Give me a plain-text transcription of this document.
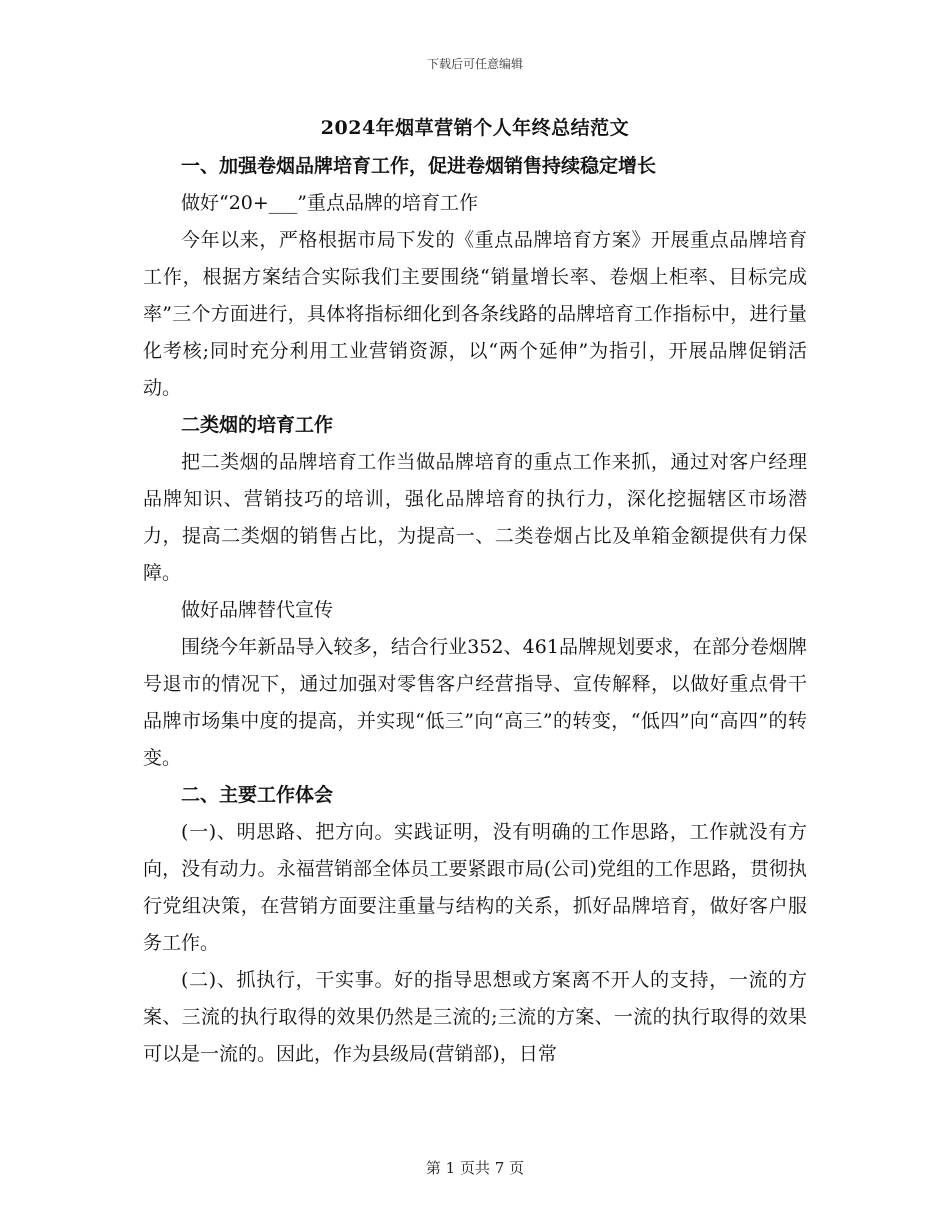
下载后可任意编辑
2024年烟草营销个人年终总结范文

一、加强卷烟品牌培育工作，促进卷烟销售持续稳定增长

做好“20+___”重点品牌的培育工作

今年以来，严格根据市局下发的《重点品牌培育方案》开展重点品牌培育工作，根据方案结合实际我们主要围绕“销量增长率、卷烟上柜率、目标完成率”三个方面进行，具体将指标细化到各条线路的品牌培育工作指标中，进行量化考核;同时充分利用工业营销资源，以“两个延伸”为指引，开展品牌促销活动。

二类烟的培育工作

把二类烟的品牌培育工作当做品牌培育的重点工作来抓，通过对客户经理品牌知识、营销技巧的培训，强化品牌培育的执行力，深化挖掘辖区市场潜力，提高二类烟的销售占比，为提高一、二类卷烟占比及单箱金额提供有力保障。

做好品牌替代宣传

围绕今年新品导入较多，结合行业352、461品牌规划要求，在部分卷烟牌号退市的情况下，通过加强对零售客户经营指导、宣传解释，以做好重点骨干品牌市场集中度的提高，并实现“低三”向“高三”的转变，“低四”向“高四”的转变。

二、主要工作体会

(一)、明思路、把方向。实践证明，没有明确的工作思路，工作就没有方向，没有动力。永福营销部全体员工要紧跟市局(公司)党组的工作思路，贯彻执行党组决策，在营销方面要注重量与结构的关系，抓好品牌培育，做好客户服务工作。

(二)、抓执行，干实事。好的指导思想或方案离不开人的支持，一流的方案、三流的执行取得的效果仍然是三流的;三流的方案、一流的执行取得的效果可以是一流的。因此，作为县级局(营销部)，日常

第 1 页共 7 页
